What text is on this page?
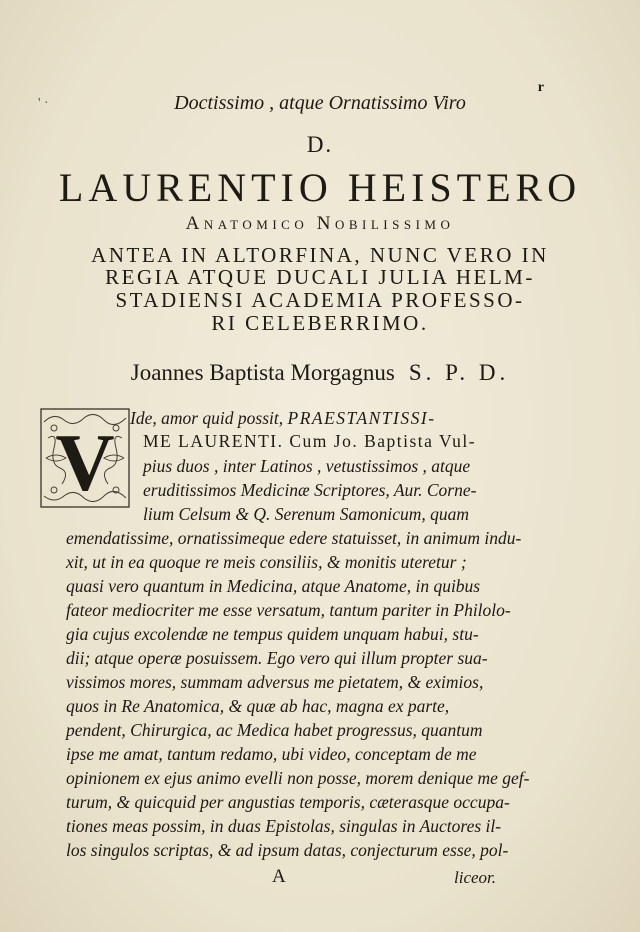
r
' ·	Doctissimo , atque Ornatissimo Viro
D.
LAURENTIO HEISTERO
ANATOMICO NOBILISSIMO
ANTEA IN ALTORFINA, NUNC VERO IN
REGIA ATQUE DUCALI JULIA HELM-
STADIENSI ACADEMIA PROFESSO-
RI CELEBERRIMO.
Joannes Baptista Morgagnus S. P. D.
V Ide, amor quid possit, PRAESTANTISSI-
ME LAURENTI. Cum Jo. Baptista Vul-
pius duos , inter Latinos , vetustissimos , atque
eruditissimos Medicinæ Scriptores, Aur. Corne-
lium Celsum & Q. Serenum Samonicum, quam
emendatissime, ornatissimeque edere statuisset, in animum indu-
xit, ut in ea quoque re meis consiliis, & monitis uteretur ;
quasi vero quantum in Medicina, atque Anatome, in quibus
fateor mediocriter me esse versatum, tantum pariter in Philolo-
gia cujus excolendæ ne tempus quidem unquam habui, stu-
dii; atque operæ posuissem. Ego vero qui illum propter sua-
vissimos mores, summam adversus me pietatem, & eximios,
quos in Re Anatomica, & quæ ab hac, magna ex parte,
pendent, Chirurgica, ac Medica habet progressus, quantum
ipse me amat, tantum redamo, ubi video, conceptam de me
opinionem ex ejus animo evelli non posse, morem denique me gef-
turum, & quicquid per angustias temporis, cæterasque occupa-
tiones meas possim, in duas Epistolas, singulas in Auctores il-
los singulos scriptas, & ad ipsum datas, conjecturum esse, pol-
A	liceor.
